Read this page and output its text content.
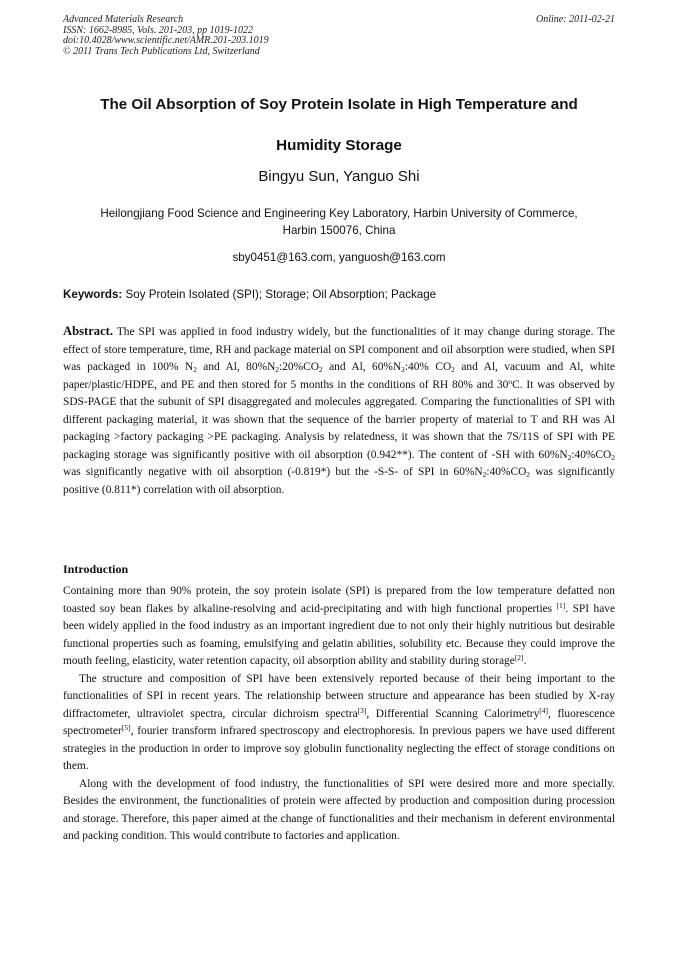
Advanced Materials Research
ISSN: 1662-8985, Vols. 201-203, pp 1019-1022
doi:10.4028/www.scientific.net/AMR.201-203.1019
© 2011 Trans Tech Publications Ltd, Switzerland
Online: 2011-02-21
The Oil Absorption of Soy Protein Isolate in High Temperature and
Humidity Storage
Bingyu Sun, Yanguo Shi
Heilongjiang Food Science and Engineering Key Laboratory, Harbin University of Commerce,
Harbin 150076, China
sby0451@163.com, yanguosh@163.com
Keywords: Soy Protein Isolated (SPI); Storage; Oil Absorption; Package

Abstract. The SPI was applied in food industry widely, but the functionalities of it may change during storage. The effect of store temperature, time, RH and package material on SPI component and oil absorption were studied, when SPI was packaged in 100% $N_2$ and Al, $80\%N_2:20\%CO_2$ and Al, $60\%N_2:40\%$ $CO_2$ and Al, vacuum and Al, white paper/plastic/HDPE, and PE and then stored for 5 months in the conditions of RH 80% and 30$^o$C. It was observed by SDS-PAGE that the subunit of SPI disaggregated and molecules aggregated. Comparing the functionalities of SPI with different packaging material, it was shown that the sequence of the barrier property of material to T and RH was Al packaging >factory packaging >PE packaging. Analysis by relatedness, it was shown that the 7S/11S of SPI with PE packaging storage was significantly positive with oil absorption (0.942**). The content of -SH with $60\%N_2:40\%CO_2$ was significantly negative with oil absorption (-0.819*) but the -S-S- of SPI in $60\%N_2:40\%CO_2$ was significantly positive (0.811*) correlation with oil absorption.

Introduction

Containing more than 90% protein, the soy protein isolate (SPI) is prepared from the low temperature defatted non toasted soy bean flakes by alkaline-resolving and acid-precipitating and with high functional properties [1]. SPI have been widely applied in the food industry as an important ingredient due to not only their highly nutritious but desirable functional properties such as foaming, emulsifying and gelatin abilities, solubility etc. Because they could improve the mouth feeling, elasticity, water retention capacity, oil absorption ability and stability during storage[2].

The structure and composition of SPI have been extensively reported because of their being important to the functionalities of SPI in recent years. The relationship between structure and appearance has been studied by X-ray diffractometer, ultraviolet spectra, circular dichroism spectra[3], Differential Scanning Calorimetry[4], fluorescence spectrometer[5], fourier transform infrared spectroscopy and electrophoresis. In previous papers we have used different strategies in the production in order to improve soy globulin functionality neglecting the effect of storage conditions on them.

Along with the development of food industry, the functionalities of SPI were desired more and more specially. Besides the environment, the functionalities of protein were affected by production and composition during procession and storage. Therefore, this paper aimed at the change of functionalities and their mechanism in deferent environmental and packing condition. This would contribute to factories and application.
